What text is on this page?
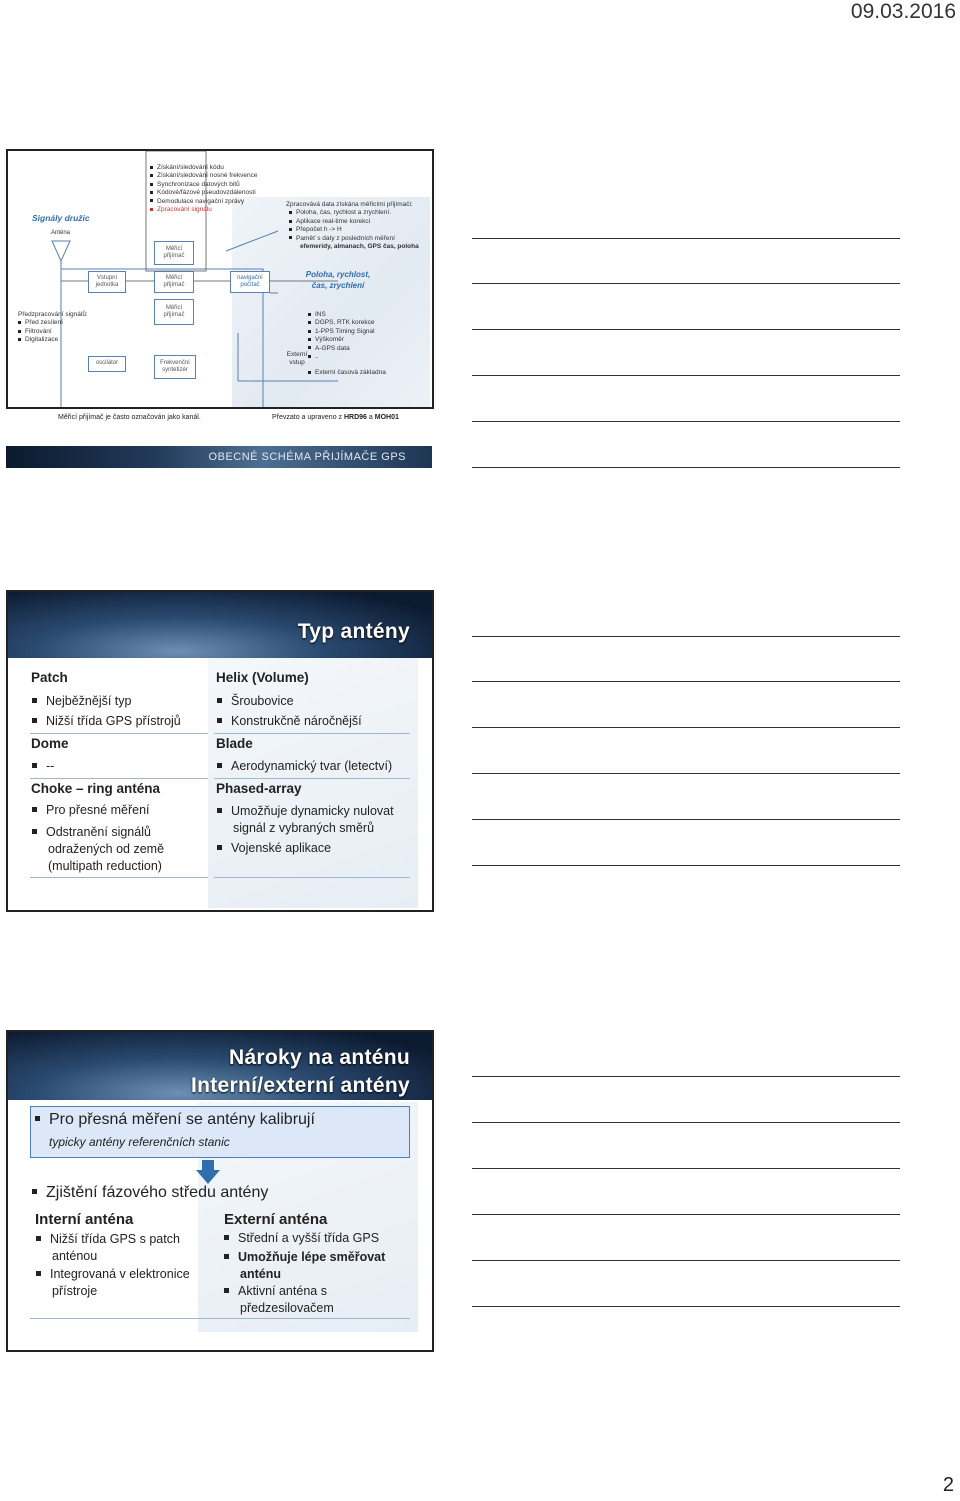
09.03.2016
Signály družic
Anténa
Získání/sledování kódu
Získání/sledování nosné frekvence
Synchronizace datových bitů
Kódové/fázové pseudovzdálenosti
Demodulace navigační zprávy
Zpracování signálu
Měřicí přijímač
Vstupní jednotka
Měřicí přijímač
Měřicí přijímač
navigační počítač
oscilátor	Frekvenční syntetizér
Předzpracování signálů:
Před zesílení
Filtrování
Digitalizace
Zpracovává data získána měřicími přijímači:
Poloha, čas, rychlost a zrychlení.
Aplikace real-time korekcí
Přepočet h -> H
Paměť s daty z posledních měření
efemeridy, almanach, GPS čas, poloha
Poloha, rychlost, čas, zrychlení
Externí vstup
INS
DGPS, RTK korekce
1-PPS Timing Signal
Výškoměr
A-GPS data
..
Externí časová základna
Měřicí přijímač je často označován jako kanál.	Převzato a upraveno z HRD96 a MOH01
OBECNÉ SCHÉMA PŘIJÍMAČE GPS
Typ antény
Patch
Nejběžnější typ
Nižší třída GPS přístrojů
Dome
--
Choke – ring anténa
Pro přesné měření
Odstranění signálů odražených od země (multipath reduction)
Helix (Volume)
Šroubovice
Konstrukčně náročnější
Blade
Aerodynamický tvar (letectví)
Phased-array
Umožňuje dynamicky nulovat signál z vybraných směrů
Vojenské aplikace
Nároky na anténu
Interní/externí antény
Pro přesná měření se antény kalibrují
typicky antény referenčních stanic
Zjištění fázového středu antény
Interní anténa
Nižší třída GPS s patch anténou
Integrovaná v elektronice přístroje
Externí anténa
Střední a vyšší třída GPS
Umožňuje lépe směřovat anténu
Aktivní anténa s předzesilovačem
2
